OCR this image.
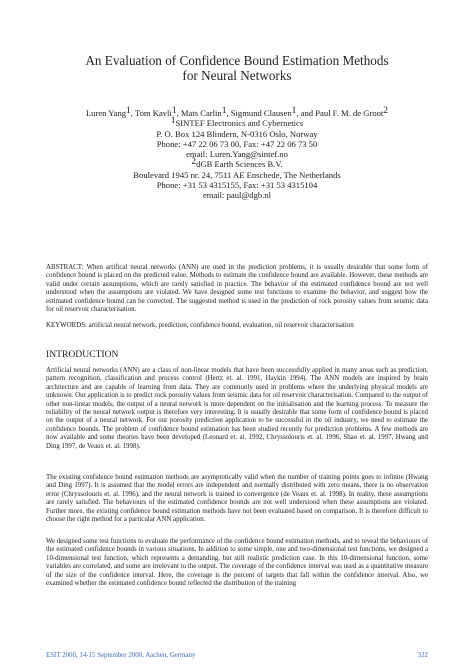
An Evaluation of Confidence Bound Estimation Methods
for Neural Networks
Luren Yang$^1$, Tom Kavli$^1$, Mats Carlin$^1$, Sigmund Clausen$^1$, and Paul F. M. de Groot$^2$
1SINTEF Electronics and Cybernetics
P. O. Box 124 Blindern, N-0316 Oslo, Norway
Phone: +47 22 06 73 00, Fax: +47 22 06 73 50
email: Luren.Yang@sintef.no
2dGB Earth Sciences B.V.
Boulevard 1945 nr. 24, 7511 AE Enschede, The Netherlands
Phone: +31 53 4315155, Fax: +31 53 4315104
email: paul@dgb.nl
ABSTRACT: When artifical neural networks (ANN) are used in the prediction problems, it is usually desirable that some form of confidence bound is placed on the predicted value. Methods to estimate the confidence bound are available. However, these methods are valid under certain assumptions, which are rarely satisfied in practice. The behavior of the estimated confidence bound are not well understood when the assumptions are violated. We have designed some test functions to examine the behavior, and suggest how the estimated confidence bound can be corrected. The suggested method is used in the prediction of rock porosity values from seismic data for oil reservoir characterisation.
KEYWORDS: artificial neural network, prediction, confidence bound, evaluation, oil reservoir characterisation
INTRODUCTION
Artificial neural networks (ANN) are a class of non-linear models that have been successfully applied in many areas such as prediction, pattern recognition, classification and process control (Hertz et. al. 1991, Haykin 1994). The ANN models are inspired by brain architecture and are capable of learning from data. They are commonly used in problems where the underlying physical models are unknown. Our application is to predict rock porosity values from seismic data for oil reservoir characterisation. Compared to the output of other non-linear models, the output of a neural network is more dependent on the initialisation and the learning process. To measure the reliability of the neural network output is therefore very interesting. It is usually desirable that some form of confidence bound is placed on the output of a neural network. For our porosity prediction application to be successful in the oil industry, we need to estimate the confidence bounds. The problem of confidence bound estimation has been studied recently for prediction problems. A few methods are now available and some theories have been developed (Leonard et. al. 1992, Chryssolouris et. al. 1996, Shao et. al. 1997, Hwang and Ding 1997, de Veaux et. al. 1998).
The existing confidence bound estimation methods are asymptotically valid when the number of training points goes to infinite (Hwang and Ding 1997). It is assumed that the model errors are independent and normally distributed with zero means, there is no observation error (Chryssolouris et. al. 1996), and the neural network is trained to convergence (de Veaux et. al. 1998). In reality, these assumptions are rarely satisfied. The behaviours of the estimated confidence bounds are not well understood when these assumptions are violated. Further more, the existing confidence bound estimation methods have not been evaluated based on comparison. It is therefore difficult to choose the right method for a particular ANN application.
We designed some test functions to evaluate the performance of the confidence bound estimation methods, and to reveal the behaviours of the estimated confidence bounds in various situations. In addition to some simple, one and two-dimensional test functions, we designed a 10-dimensional test function, which represents a demanding, but still realistic prediction case. In this 10-dimensional function, some variables are correlated, and some are irrelevant to the output. The coverage of the confidence interval was used as a quantitative measure of the size of the confidence interval. Here, the coverage is the percent of targets that fall within the confidence interval. Also, we examined whether the estimated confidence bound reflected the distribution of the training
ESIT 2000, 14-15 September 2000, Aachen, Germany	322
